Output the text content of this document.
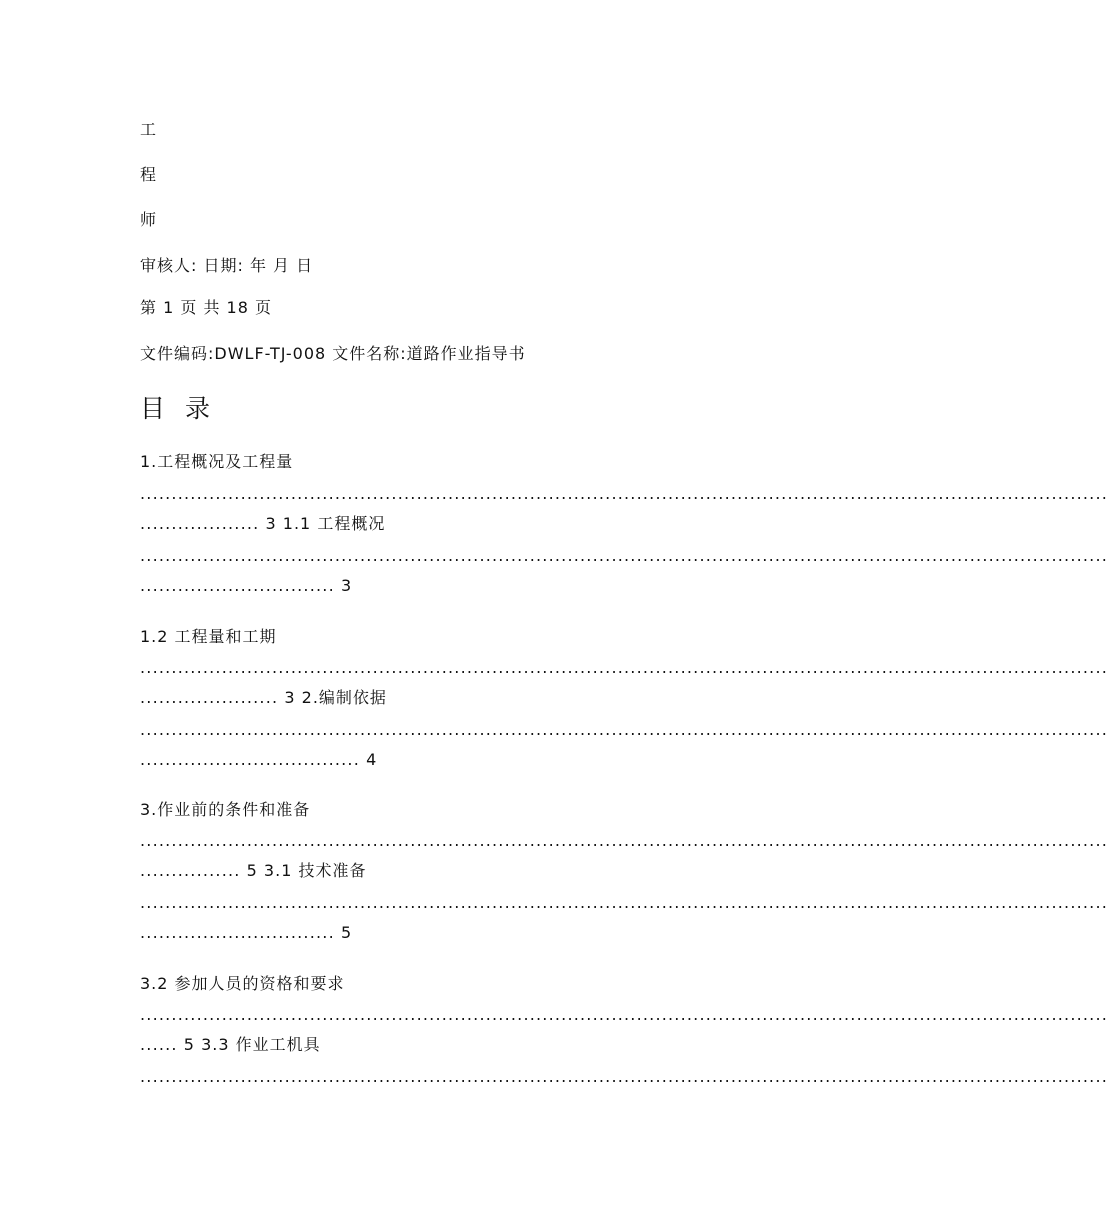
工
程
师
审核人: 日期: 年 月 日
第 1 页 共 18 页
文件编码:DWLF-TJ-008 文件名称:道路作业指导书
目 录
1.工程概况及工程量
..........................................................................................................................................................
................... 3 1.1 工程概况
..........................................................................................................................................................
............................... 3
1.2 工程量和工期
..........................................................................................................................................................
...................... 3 2.编制依据
..........................................................................................................................................................
................................... 4
3.作业前的条件和准备
..........................................................................................................................................................
................ 5 3.1 技术准备
..........................................................................................................................................................
............................... 5
3.2 参加人员的资格和要求
..........................................................................................................................................................
...... 5 3.3 作业工机具
..........................................................................................................................................................
